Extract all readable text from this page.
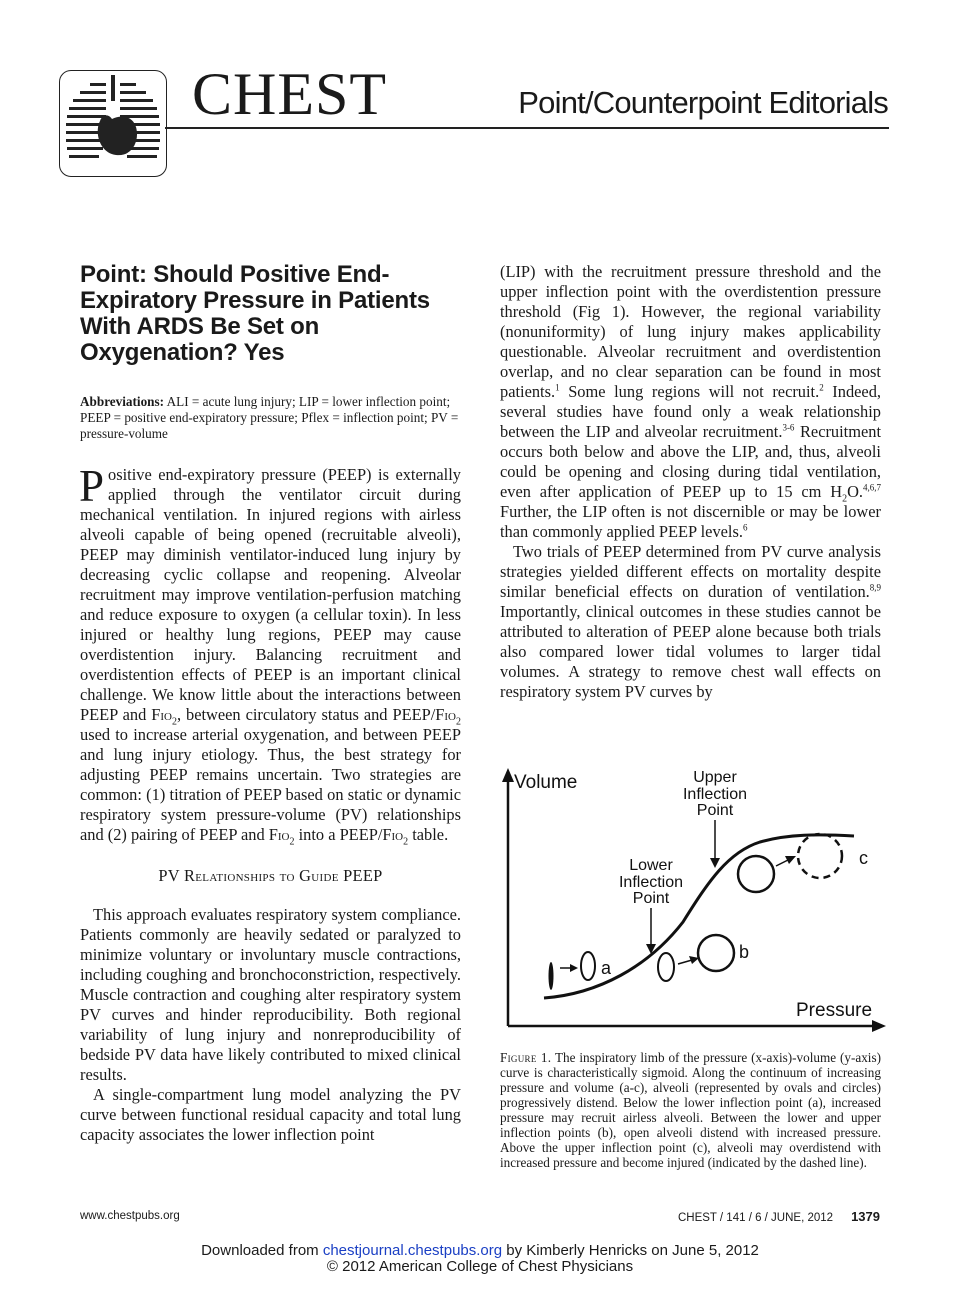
CHEST	Point/Counterpoint Editorials

Point: Should Positive End-Expiratory Pressure in Patients With ARDS Be Set on Oxygenation? Yes

Abbreviations: ALI = acute lung injury; LIP = lower inflection point; PEEP = positive end-expiratory pressure; Pflex = inflection point; PV = pressure-volume

Positive end-expiratory pressure (PEEP) is externally applied through the ventilator circuit during mechanical ventilation. In injured regions with airless alveoli capable of being opened (recruitable alveoli), PEEP may diminish ventilator-induced lung injury by decreasing cyclic collapse and reopening. Alveolar recruitment may improve ventilation-perfusion matching and reduce exposure to oxygen (a cellular toxin). In less injured or healthy lung regions, PEEP may cause overdistention injury. Balancing recruitment and overdistention effects of PEEP is an important clinical challenge. We know little about the interactions between PEEP and Fio$_2$, between circulatory status and PEEP/Fio$_2$ used to increase arterial oxygenation, and between PEEP and lung injury etiology. Thus, the best strategy for adjusting PEEP remains uncertain. Two strategies are common: (1) titration of PEEP based on static or dynamic respiratory system pressure-volume (PV) relationships and (2) pairing of PEEP and Fio$_2$ into a PEEP/Fio$_2$ table.

PV Relationships to Guide PEEP

This approach evaluates respiratory system compliance. Patients commonly are heavily sedated or paralyzed to minimize voluntary or involuntary muscle contractions, including coughing and bronchoconstriction, respectively. Muscle contraction and coughing alter respiratory system PV curves and hinder reproducibility. Both regional variability of lung injury and nonreproducibility of bedside PV data have likely contributed to mixed clinical results.

A single-compartment lung model analyzing the PV curve between functional residual capacity and total lung capacity associates the lower inflection point

(LIP) with the recruitment pressure threshold and the upper inflection point with the overdistention pressure threshold (Fig 1). However, the regional variability (nonuniformity) of lung injury makes applicability questionable. Alveolar recruitment and overdistention overlap, and no clear separation can be found in most patients.$^1$ Some lung regions will not recruit.$^2$ Indeed, several studies have found only a weak relationship between the LIP and alveolar recruitment.$^{3-6}$ Recruitment occurs both below and above the LIP, and, thus, alveoli could be opening and closing during tidal ventilation, even after application of PEEP up to 15 cm $H_2O.^{4,6,7}$ Further, the LIP often is not discernible or may be lower than commonly applied PEEP levels.$^6$

Two trials of PEEP determined from PV curve analysis strategies yielded different effects on mortality despite similar beneficial effects on duration of ventilation.$^{8,9}$ Importantly, clinical outcomes in these studies cannot be attributed to alteration of PEEP alone because both trials also compared lower tidal volumes to larger tidal volumes. A strategy to remove chest wall effects on respiratory system PV curves by

Volume
Pressure
Upper
Inflection
Point
Lower
Inflection
Point
a
b
c
Figure 1. The inspiratory limb of the pressure (x-axis)-volume (y-axis) curve is characteristically sigmoid. Along the continuum of increasing pressure and volume (a-c), alveoli (represented by ovals and circles) progressively distend. Below the lower inflection point (a), increased pressure may recruit airless alveoli. Between the lower and upper inflection points (b), open alveoli distend with increased pressure. Above the upper inflection point (c), alveoli may overdistend with increased pressure and become injured (indicated by the dashed line).
www.chestpubs.org	CHEST / 141 / 6 / JUNE, 2012 1379
Downloaded from chestjournal.chestpubs.org by Kimberly Henricks on June 5, 2012
© 2012 American College of Chest Physicians
